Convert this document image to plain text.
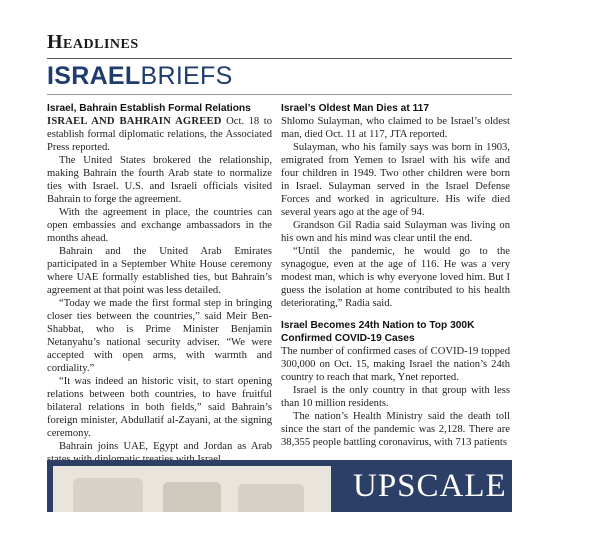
Headlines
ISRAELBRIEFS
Israel, Bahrain Establish Formal Relations

ISRAEL AND BAHRAIN AGREED Oct. 18 to establish formal diplomatic relations, the Associated Press reported.

The United States brokered the relationship, making Bahrain the fourth Arab state to normalize ties with Israel. U.S. and Israeli officials visited Bahrain to forge the agreement.

With the agreement in place, the countries can open embassies and exchange ambassadors in the months ahead.

Bahrain and the United Arab Emirates participated in a September White House ceremony where UAE formally established ties, but Bahrain’s agreement at that point was less detailed.

“Today we made the first formal step in bringing closer ties between the countries,” said Meir Ben-Shabbat, who is Prime Minister Benjamin Netanyahu’s national security adviser. “We were accepted with open arms, with warmth and cordiality.”

“It was indeed an historic visit, to start opening relations between both countries, to have fruitful bilateral relations in both fields,” said Bahrain’s foreign minister, Abdullatif al-Zayani, at the signing ceremony.

Bahrain joins UAE, Egypt and Jordan as Arab

Israel’s Oldest Man Dies at 117

Shlomo Sulayman, who claimed to be Israel’s oldest man, died Oct. 11 at 117, JTA reported.

Sulayman, who his family says was born in 1903, emigrated from Yemen to Israel with his wife and four children in 1949. Two other children were born in Israel. Sulayman served in the Israel Defense Forces and worked in agriculture. His wife died several years ago at the age of 94.

Grandson Gil Radia said Sulayman was living on his own and his mind was clear until the end.

“Until the pandemic, he would go to the synagogue, even at the age of 116. He was a very modest man, which is why everyone loved him. But I guess the isolation at home contributed to his health deteriorating,” Radia said.

Israel Becomes 24th Nation to Top 300K Confirmed COVID-19 Cases

The number of confirmed cases of COVID-19 topped 300,000 on Oct. 15, making Israel the nation’s 24th country to reach that mark, Ynet reported.

Israel is the only country in that group with less than 10 million residents.

The nation’s Health Ministry said the death toll since the start of the pandemic was 2,128. There are 38,355 people battling coronavirus, with 713 patients

UPSCALE DES
BELOW MARKE
